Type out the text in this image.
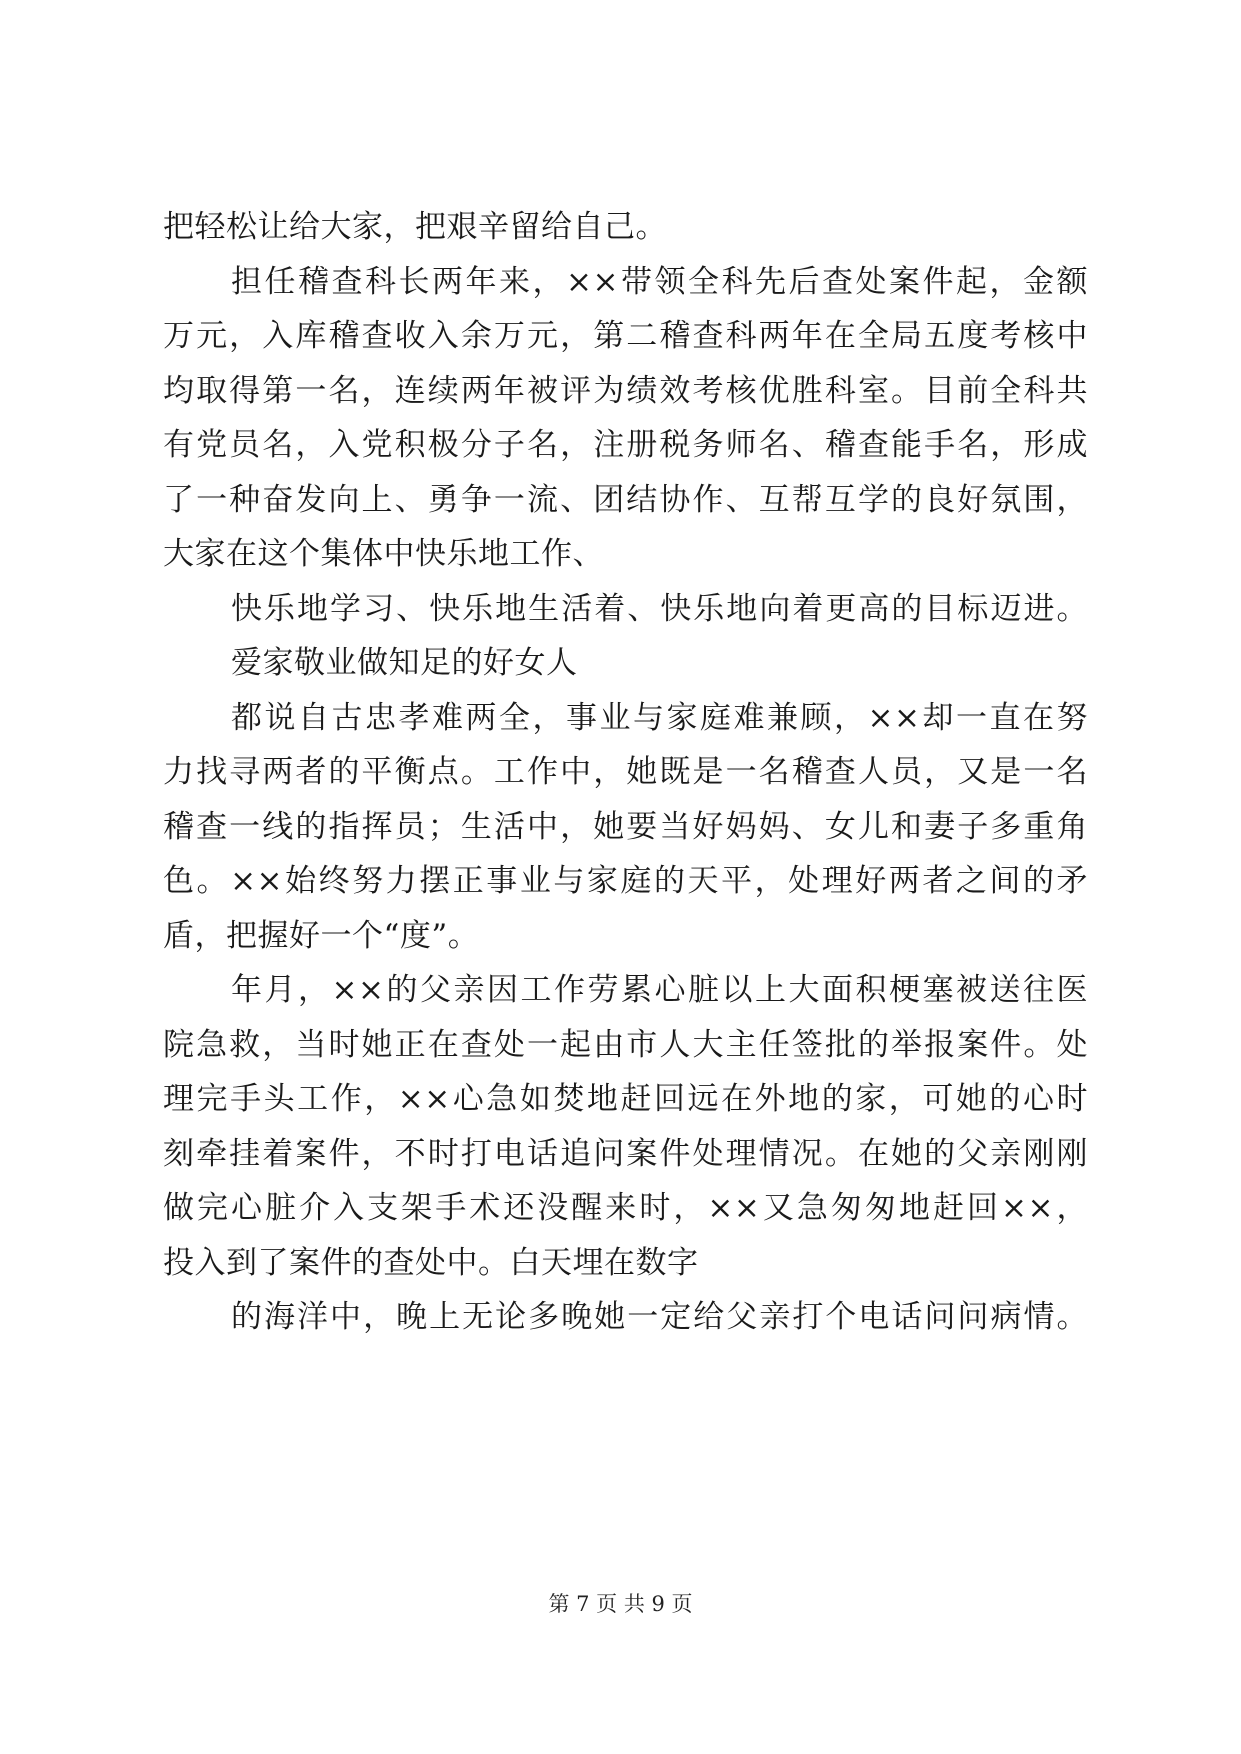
把轻松让给大家，把艰辛留给自己。
担任稽查科长两年来，××带领全科先后查处案件起，金额
万元，入库稽查收入余万元，第二稽查科两年在全局五度考核中
均取得第一名，连续两年被评为绩效考核优胜科室。目前全科共
有党员名，入党积极分子名，注册税务师名、稽查能手名，形成
了一种奋发向上、勇争一流、团结协作、互帮互学的良好氛围，
大家在这个集体中快乐地工作、
快乐地学习、快乐地生活着、快乐地向着更高的目标迈进。
爱家敬业做知足的好女人
都说自古忠孝难两全，事业与家庭难兼顾，××却一直在努
力找寻两者的平衡点。工作中，她既是一名稽查人员，又是一名
稽查一线的指挥员；生活中，她要当好妈妈、女儿和妻子多重角
色。××始终努力摆正事业与家庭的天平，处理好两者之间的矛
盾，把握好一个“度”。
年月，××的父亲因工作劳累心脏以上大面积梗塞被送往医
院急救，当时她正在查处一起由市人大主任签批的举报案件。处
理完手头工作，××心急如焚地赶回远在外地的家，可她的心时
刻牵挂着案件，不时打电话追问案件处理情况。在她的父亲刚刚
做完心脏介入支架手术还没醒来时，××又急匆匆地赶回××，
投入到了案件的查处中。白天埋在数字
的海洋中，晚上无论多晚她一定给父亲打个电话问问病情。
第 7 页 共 9 页
